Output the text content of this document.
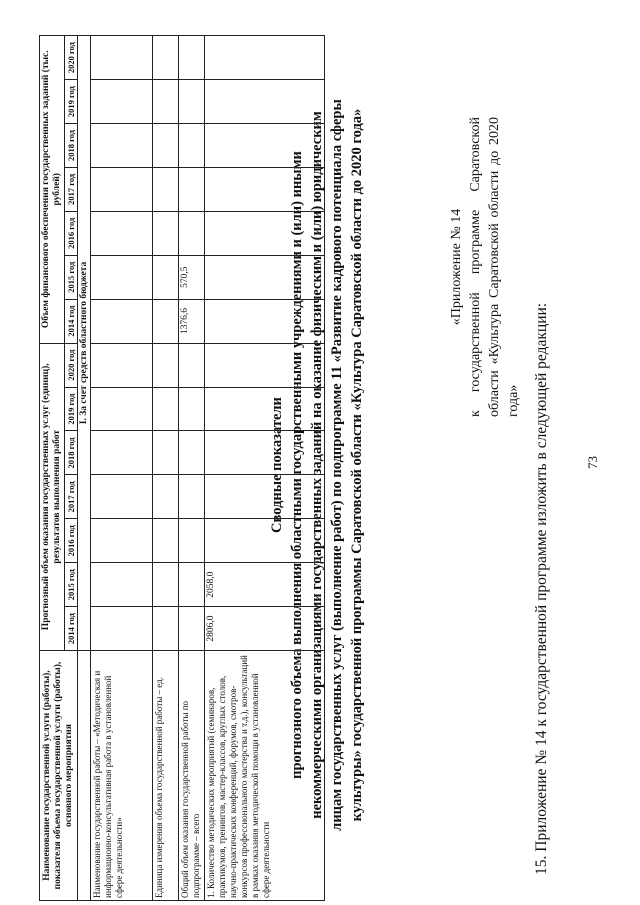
73
15. Приложение № 14 к государственной программе изложить в следующей редакции:
«Приложение № 14 к государственной программе Саратовской области «Культура Саратовской области до 2020 года»
Сводные показатели прогнозного объема выполнения областными государственными учреждениями и (или) иными некоммерческими организациями государственных заданий на оказание физическим и (или) юридическим лицам государственных услуг (выполнение работ) по подпрограмме 11 «Развитие кадрового потенциала сферы культуры» государственной программы Саратовской области «Культура Саратовской области до 2020 года»
Наименование государственной услуги (работы), показателя объема государственной услуги (работы), основного мероприятия	Прогнозный объем оказания государственных услуг (единиц), результатов выполнения работ							Объем финансового обеспечения государственных заданий (тыс. рублей)						
	2014 год	2015 год	2016 год	2017 год	2018 год	2019 год	2020 год	2014 год	2015 год	2016 год	2017 год	2018 год	2019 год	2020 год
	I. За счет средств областного бюджета													
Наименование государственной работы – «Методическая и информационно-консультативная работа в установленной сфере деятельности»														
Единица измерения объема государственной работы – ед.														
Общий объем оказания государственной работы по подпрограмме – всего								1376,6	570,5					
1. Количество методических мероприятий (семинаров, практикумов, тренингов, мастер-классов, круглых столов, научно-практических конференций, форумов, смотров-конкурсов профессионального мастерства и т.д.), консультаций в рамках оказания методической помощи в установленной сфере деятельности	2806,0	2058,0												
